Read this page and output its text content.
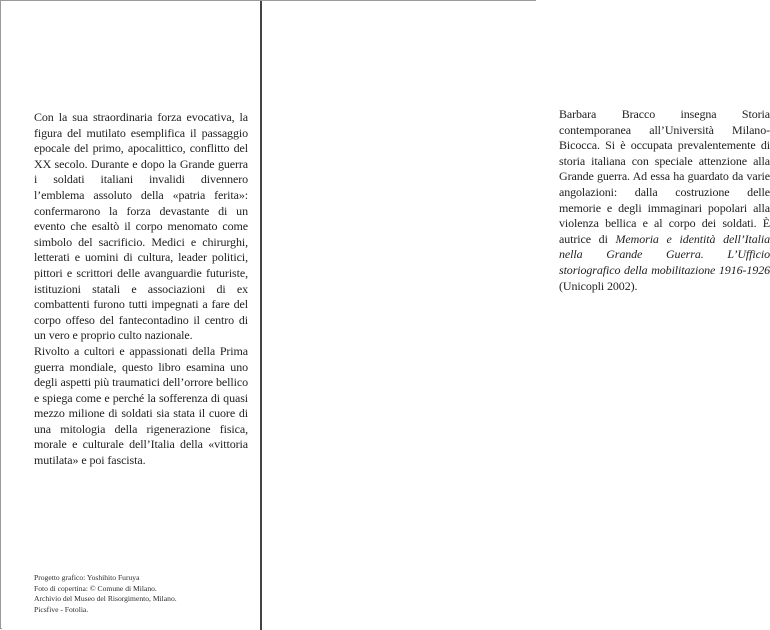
Con la sua straordinaria forza evocativa, la figura del mutilato esemplifica il passaggio epocale del primo, apocalittico, conflitto del XX secolo. Durante e dopo la Grande guerra i soldati italiani invalidi divennero l’emblema assoluto della «patria ferita»: confermarono la forza devastante di un evento che esaltò il corpo menomato come simbolo del sacrificio. Medici e chirurghi, letterati e uomini di cultura, leader politici, pittori e scrittori delle avanguardie futuriste, istituzioni statali e associazioni di ex combattenti furono tutti impegnati a fare del corpo offeso del fantecontadino il centro di un vero e proprio culto nazionale.

Rivolto a cultori e appassionati della Prima guerra mondiale, questo libro esamina uno degli aspetti più traumatici dell’orrore bellico e spiega come e perché la sofferenza di quasi mezzo milione di soldati sia stata il cuore di una mitologia della rigenerazione fisica, morale e culturale dell’Italia della «vittoria mutilata» e poi fascista.

Progetto grafico: Yoshihito Furuya
Foto di copertina: © Comune di Milano.
Archivio del Museo del Risorgimento, Milano.
Picsfive - Fotolia.
Barbara Bracco insegna Storia contemporanea all’Università Milano-Bicocca. Si è occupata prevalentemente di storia italiana con speciale attenzione alla Grande guerra. Ad essa ha guardato da varie angolazioni: dalla costruzione delle memorie e degli immaginari popolari alla violenza bellica e al corpo dei soldati. È autrice di Memoria e identità dell’Italia nella Grande Guerra. L’Ufficio storiografico della mobilitazione 1916-1926 (Unicopli 2002).
